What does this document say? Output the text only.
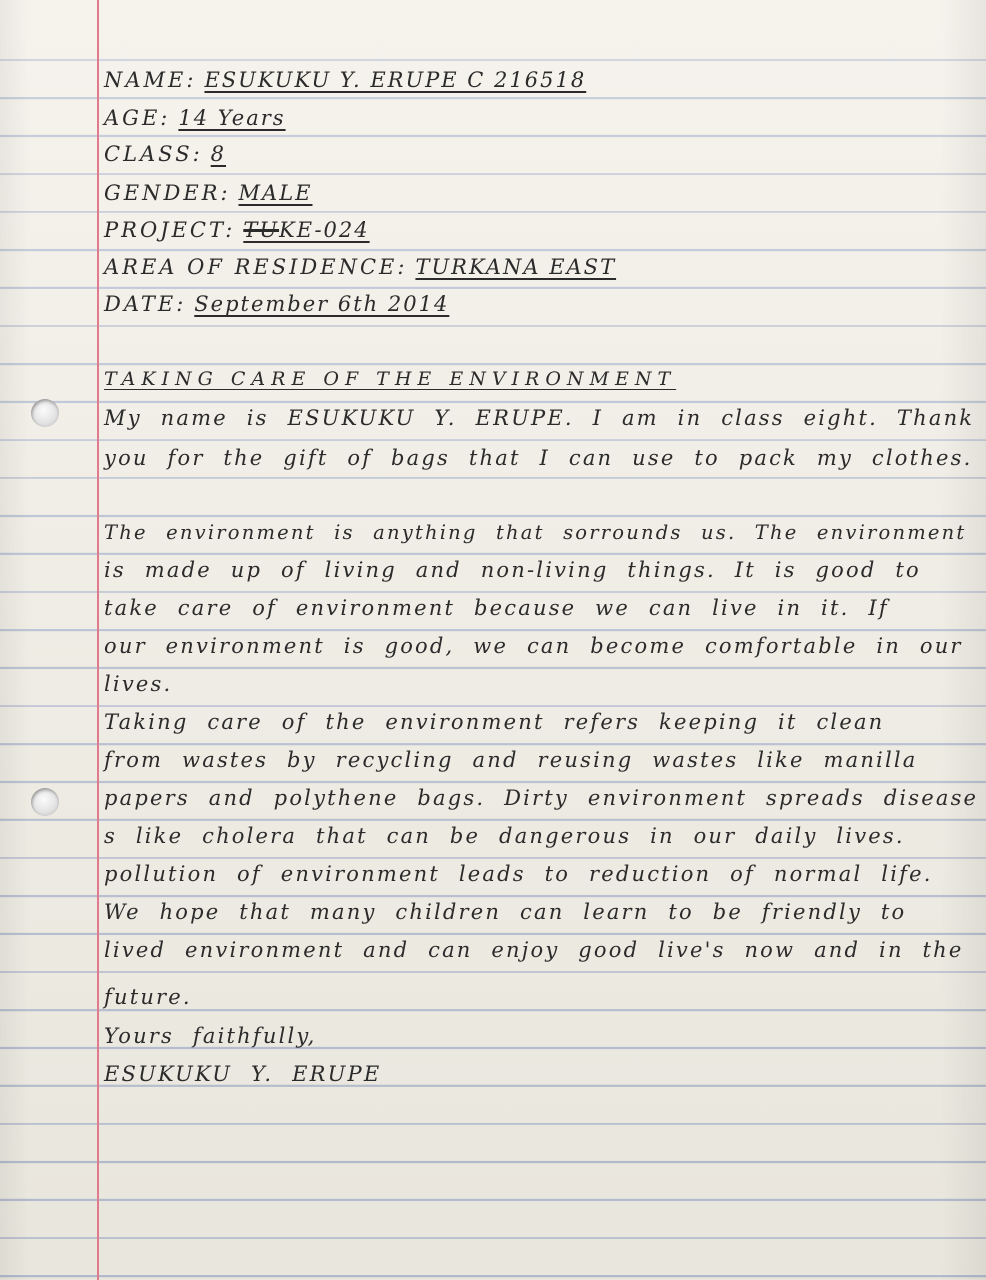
NAME: ESUKUKU Y. ERUPE C 216518
AGE: 14 Years
CLASS: 8
GENDER: MALE
PROJECT: TUKE-024
AREA OF RESIDENCE: TURKANA EAST
DATE: September 6th 2014
TAKING CARE OF THE ENVIRONMENT
My name is ESUKUKU Y. ERUPE. I am in class eight. Thank
you for the gift of bags that I can use to pack my clothes.
The environment is anything that sorrounds us. The environment
is made up of living and non-living things. It is good to
take care of environment because we can live in it. If
our environment is good, we can become comfortable in our
lives.
Taking care of the environment refers keeping it clean
from wastes by recycling and reusing wastes like manilla
papers and polythene bags. Dirty environment spreads disease
s like cholera that can be dangerous in our daily lives.
pollution of environment leads to reduction of normal life.
We hope that many children can learn to be friendly to
lived environment and can enjoy good live's now and in the
future.
Yours faithfully,
ESUKUKU Y. ERUPE
